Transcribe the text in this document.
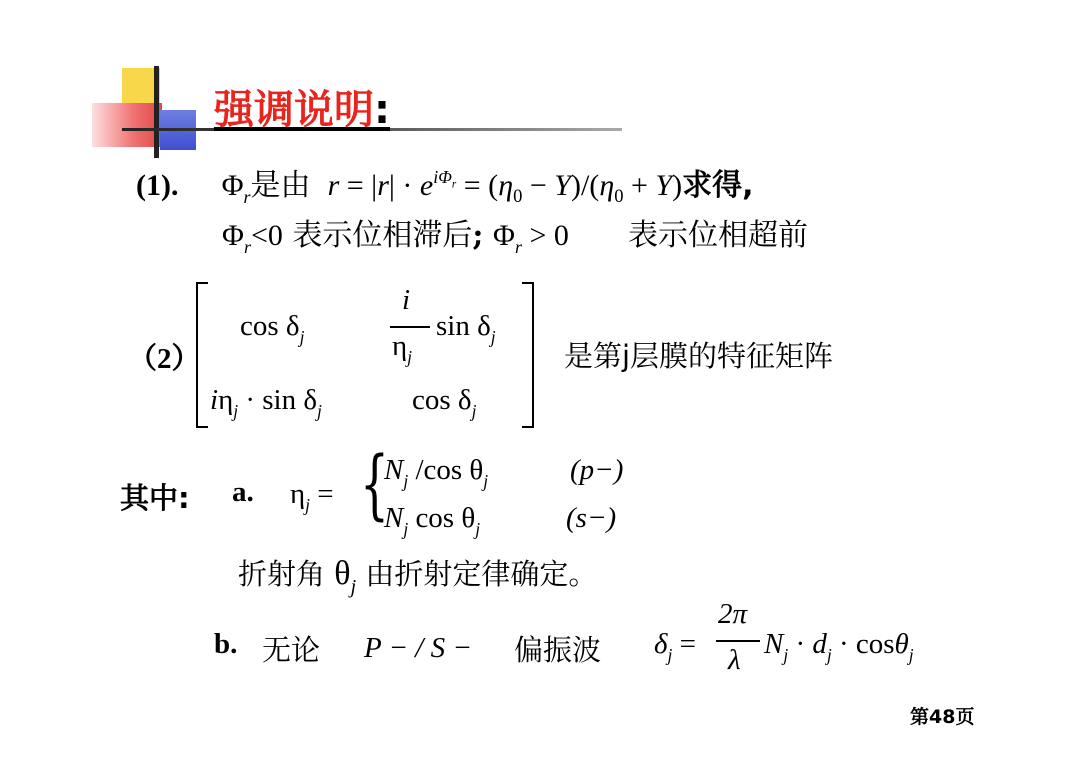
强调说明:
(1). $\Phi_r$是由 $r = |r| \cdot e^{i\Phi_r} = (\eta_0 - Y)/(\eta_0 + Y)$求得,
$\Phi_r<0$ 表示位相滞后; $\Phi_r > 0$ 表示位相超前
（2）
$\cos \delta_j$
i
$\eta_j$
$\sin \delta_j$
$i\eta_j \cdot \sin \delta_j$	$\cos \delta_j$
是第j层膜的特征矩阵
其中: a. $\eta_j$ = {
$N_j$ /cos $\theta_j$
$N_j$ $\cos \theta_j$
(p−)
(s−)
折射角 $\theta_j$ 由折射定律确定。
b. 无论 P − / S − 偏振波 $\delta_j$ =
2π
λ $N_j \cdot d_j \cdot \cos\theta_j$
第48页
